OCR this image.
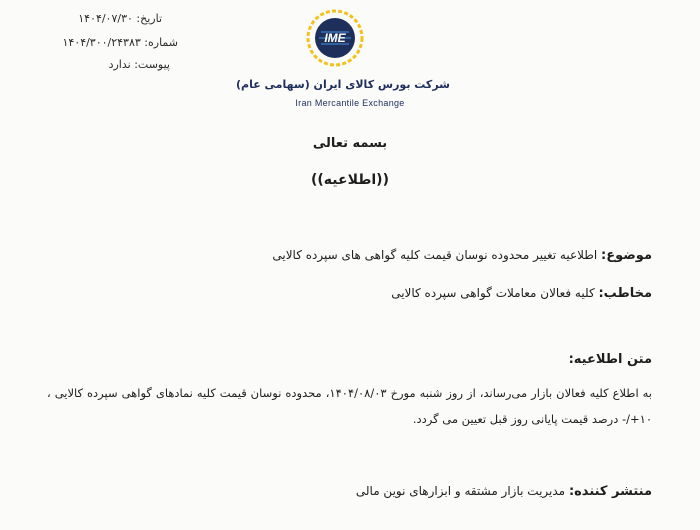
تاریخ: ۱۴۰۴/۰۷/۳۰
شماره: ۱۴۰۴/۳۰۰/۲۴۳۸۳
پیوست: ندارد
IME
شرکت بورس کالای ایران (سهامی عام)
Iran Mercantile Exchange
بسمه تعالی
((اطلاعیه))
موضوع: اطلاعیه تغییر محدوده نوسان قیمت کلیه گواهی های سپرده کالایی
مخاطب: کلیه فعالان معاملات گواهی سپرده کالایی
متن اطلاعیه:
به اطلاع کلیه فعالان بازار می‌رساند، از روز شنبه مورخ ۱۴۰۴/۰۸/۰۳، محدوده نوسان قیمت کلیه نمادهای گواهی سپرده کالایی ، ۱۰+/- درصد قیمت پایانی روز قبل تعیین می گردد.
منتشر کننده: مدیریت بازار مشتقه و ابزارهای نوین مالی
